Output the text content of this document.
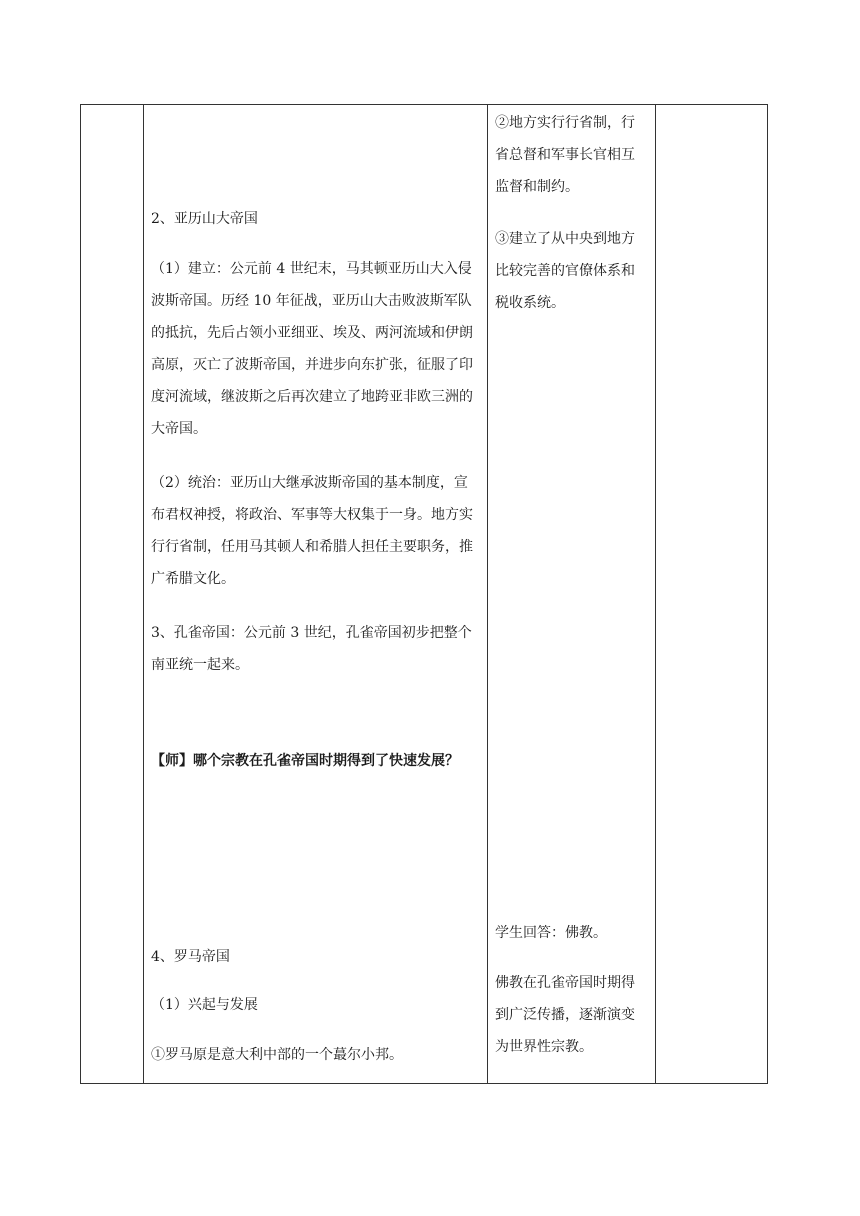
2、亚历山大帝国

（1）建立：公元前 4 世纪末，马其顿亚历山大入侵波斯帝国。历经 10 年征战，亚历山大击败波斯军队的抵抗，先后占领小亚细亚、埃及、两河流域和伊朗高原，灭亡了波斯帝国，并进步向东扩张，征服了印度河流域，继波斯之后再次建立了地跨亚非欧三洲的大帝国。

（2）统治：亚历山大继承波斯帝国的基本制度，宣布君权神授，将政治、军事等大权集于一身。地方实行行省制，任用马其顿人和希腊人担任主要职务，推广希腊文化。

3、孔雀帝国：公元前 3 世纪，孔雀帝国初步把整个南亚统一起来。

【师】哪个宗教在孔雀帝国时期得到了快速发展？

4、罗马帝国

（1）兴起与发展

①罗马原是意大利中部的一个蕞尔小邦。

②地方实行行省制，行省总督和军事长官相互监督和制约。

③建立了从中央到地方比较完善的官僚体系和税收系统。

学生回答：佛教。

佛教在孔雀帝国时期得到广泛传播，逐渐演变为世界性宗教。
